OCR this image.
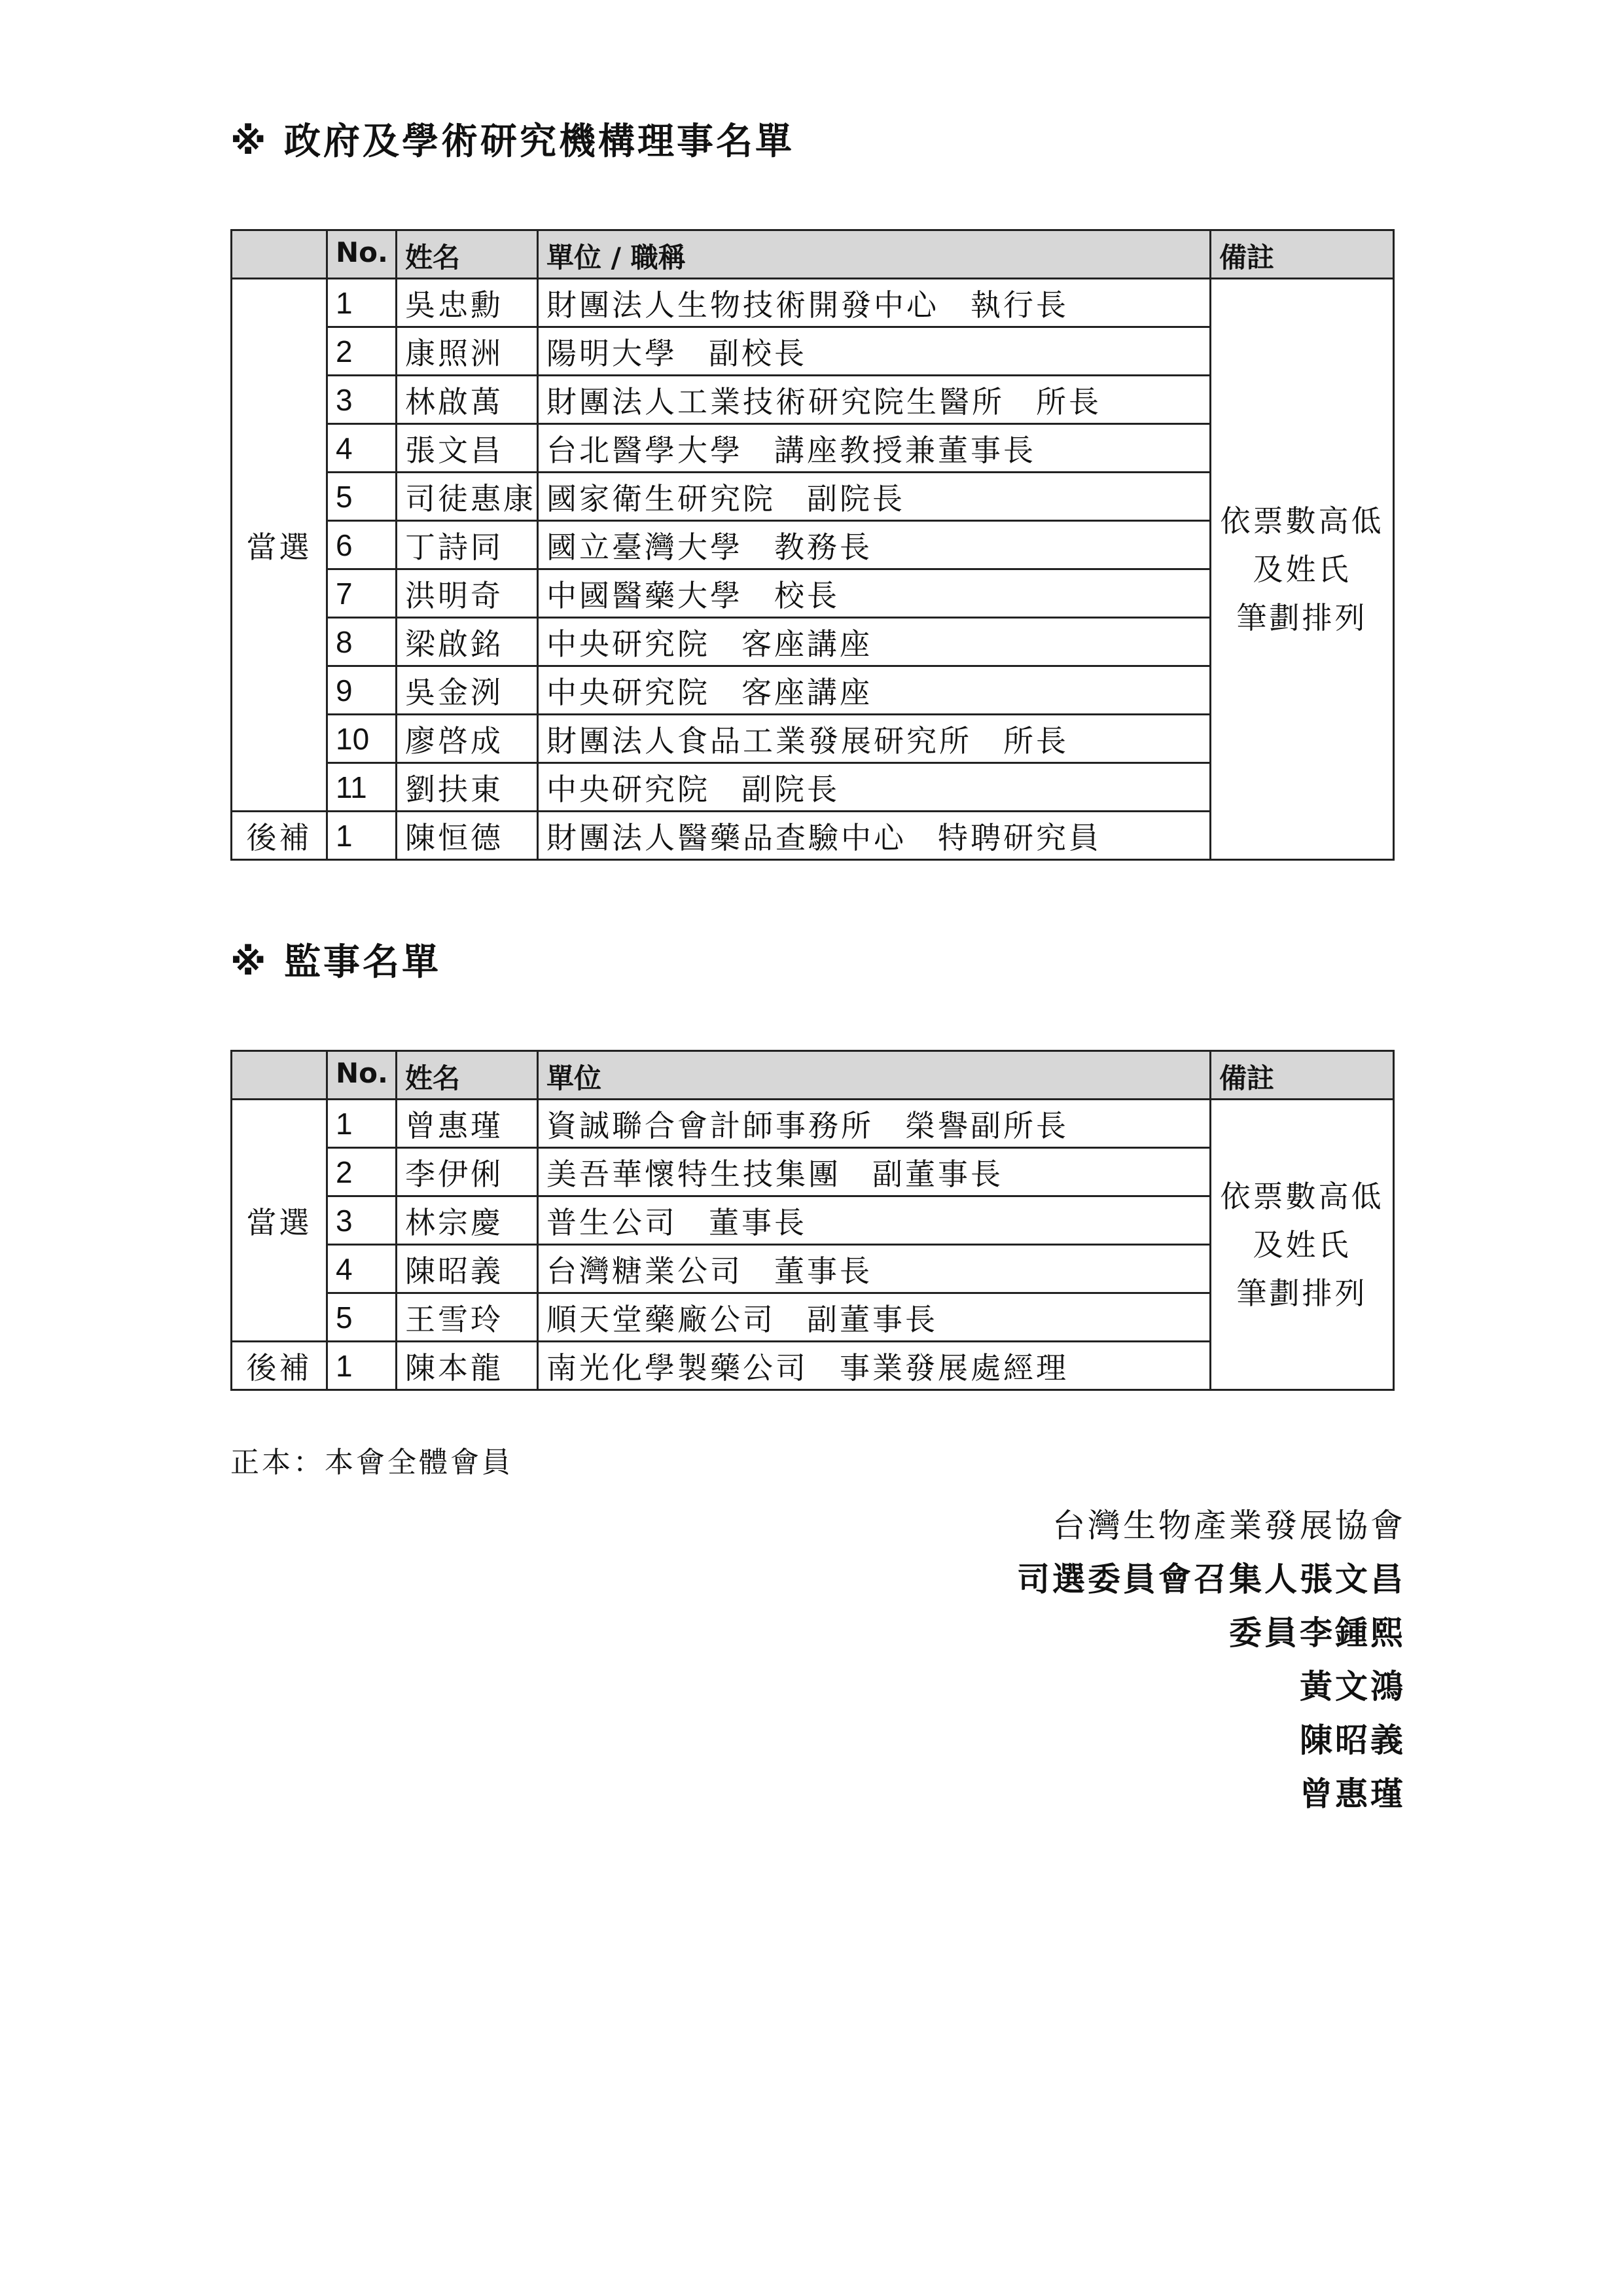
※ 政府及學術研究機構理事名單
	No.	姓名	單位 / 職稱	備註
當選	1	吳忠勳	財團法人生物技術開發中心 執行長	依票數高低
及姓氏
筆劃排列

	2	康照洲	陽明大學 副校長	
	3	林啟萬	財團法人工業技術研究院生醫所 所長	
	4	張文昌	台北醫學大學 講座教授兼董事長	
	5	司徒惠康	國家衛生研究院 副院長	
	6	丁詩同	國立臺灣大學 教務長	
	7	洪明奇	中國醫藥大學 校長	
	8	梁啟銘	中央研究院 客座講座	
	9	吳金洌	中央研究院 客座講座	
	10	廖啓成	財團法人食品工業發展研究所 所長	
	11	劉扶東	中央研究院 副院長	
後補	1	陳恒德	財團法人醫藥品查驗中心 特聘研究員	
※ 監事名單
	No.	姓名	單位	備註
當選	1	曾惠瑾	資誠聯合會計師事務所 榮譽副所長	依票數高低
及姓氏
筆劃排列

	2	李伊俐	美吾華懷特生技集團 副董事長	
	3	林宗慶	普生公司 董事長	
	4	陳昭義	台灣糖業公司 董事長	
	5	王雪玲	順天堂藥廠公司 副董事長	
後補	1	陳本龍	南光化學製藥公司 事業發展處經理	
正本：本會全體會員
台灣生物產業發展協會
司選委員會召集人張文昌
委員李鍾熙
黃文鴻
陳昭義
曾惠瑾
